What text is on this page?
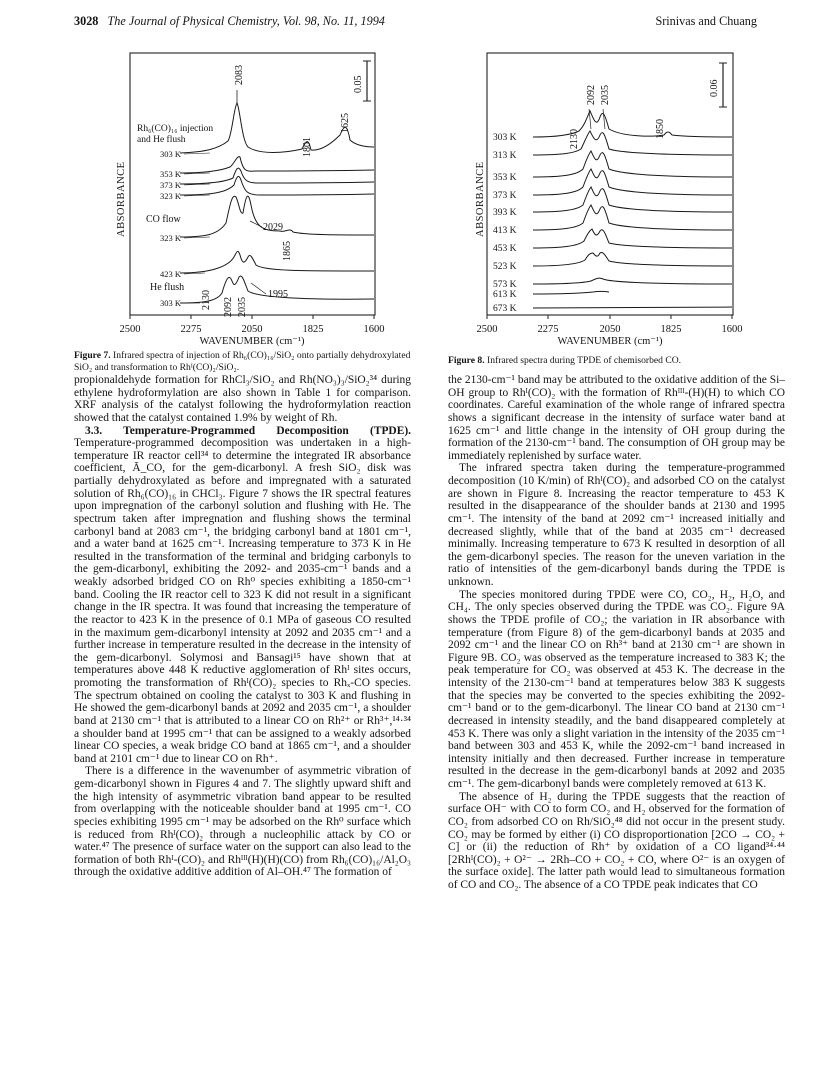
3028 The Journal of Physical Chemistry, Vol. 98, No. 11, 1994	Srinivas and Chuang
ABSORBANCE
2500	2275	2050	1825	1600
WAVENUMBER (cm⁻¹)
0.05
2083
1801
1625
2029
1865
2130 2092 2035
1995
Rh₆(CO)₁₆ injection
and He flush
303 K
353 K
373 K
323 K
CO flow
323 K
423 K
He flush
303 K
Figure 7. Infrared spectra of injection of Rh₆(CO)₁₆/SiO₂ onto partially dehydroxylated SiO₂ and transformation to Rhᴵ(CO)₂/SiO₂.
ABSORBANCE
2500	2275	2050	1825	1600
WAVENUMBER (cm⁻¹)
0.06
2130
2092 2035
1850
303 K
313 K
353 K
373 K
393 K
413 K
453 K
523 K
573 K
613 K
673 K
Figure 8. Infrared spectra during TPDE of chemisorbed CO.

propionaldehyde formation for RhCl₃/SiO₂ and Rh(NO₃)₃/SiO₂³⁴ during ethylene hydroformylation are also shown in Table 1 for comparison. XRF analysis of the catalyst following the hydroformylation reaction showed that the catalyst contained 1.9% by weight of Rh.

3.3. Temperature-Programmed Decomposition (TPDE). Temperature-programmed decomposition was undertaken in a high-temperature IR reactor cell³⁴ to determine the integrated IR absorbance coefficient, Ā_CO, for the gem-dicarbonyl. A fresh SiO₂ disk was partially dehydroxylated as before and impregnated with a saturated solution of Rh₆(CO)₁₆ in CHCl₃. Figure 7 shows the IR spectral features upon impregnation of the carbonyl solution and flushing with He. The spectrum taken after impregnation and flushing shows the terminal carbonyl band at 2083 cm⁻¹, the bridging carbonyl band at 1801 cm⁻¹, and a water band at 1625 cm⁻¹. Increasing temperature to 373 K in He resulted in the transformation of the terminal and bridging carbonyls to the gem-dicarbonyl, exhibiting the 2092- and 2035-cm⁻¹ bands and a weakly adsorbed bridged CO on Rh⁰ species exhibiting a 1850-cm⁻¹ band. Cooling the IR reactor cell to 323 K did not result in a significant change in the IR spectra. It was found that increasing the temperature of the reactor to 423 K in the presence of 0.1 MPa of gaseous CO resulted in the maximum gem-dicarbonyl intensity at 2092 and 2035 cm⁻¹ and a further increase in temperature resulted in the decrease in the intensity of the gem-dicarbonyl. Solymosi and Bansagi¹⁵ have shown that at temperatures above 448 K reductive agglomeration of Rhᴵ sites occurs, promoting the transformation of Rhᴵ(CO)₂ species to Rhₓ-CO species. The spectrum obtained on cooling the catalyst to 303 K and flushing in He showed the gem-dicarbonyl bands at 2092 and 2035 cm⁻¹, a shoulder band at 2130 cm⁻¹ that is attributed to a linear CO on Rh²⁺ or Rh³⁺,¹⁴·³⁴ a shoulder band at 1995 cm⁻¹ that can be assigned to a weakly adsorbed linear CO species, a weak bridge CO band at 1865 cm⁻¹, and a shoulder band at 2101 cm⁻¹ due to linear CO on Rh⁺.

There is a difference in the wavenumber of asymmetric vibration of gem-dicarbonyl shown in Figures 4 and 7. The slightly upward shift and the high intensity of asymmetric vibration band appear to be resulted from overlapping with the noticeable shoulder band at 1995 cm⁻¹. CO species exhibiting 1995 cm⁻¹ may be adsorbed on the Rh⁰ surface which is reduced from Rhᴵ(CO)₂ through a nucleophilic attack by CO or water.⁴⁷ The presence of surface water on the support can also lead to the formation of both Rhᴵ-(CO)₂ and Rhᴵᴵᴵ(H)(H)(CO) from Rh₆(CO)₁₆/Al₂O₃ through the oxidative additive addition of Al–OH.⁴⁷ The formation of

the 2130-cm⁻¹ band may be attributed to the oxidative addition of the Si–OH group to Rhᴵ(CO)₂ with the formation of Rhᴵᴵᴵ-(H)(H) to which CO coordinates. Careful examination of the whole range of infrared spectra shows a significant decrease in the intensity of surface water band at 1625 cm⁻¹ and little change in the intensity of OH group during the formation of the 2130-cm⁻¹ band. The consumption of OH group may be immediately replenished by surface water.

The infrared spectra taken during the temperature-programmed decomposition (10 K/min) of Rhᴵ(CO)₂ and adsorbed CO on the catalyst are shown in Figure 8. Increasing the reactor temperature to 453 K resulted in the disappearance of the shoulder bands at 2130 and 1995 cm⁻¹. The intensity of the band at 2092 cm⁻¹ increased initially and decreased slightly, while that of the band at 2035 cm⁻¹ decreased minimally. Increasing temperature to 673 K resulted in desorption of all the gem-dicarbonyl species. The reason for the uneven variation in the ratio of intensities of the gem-dicarbonyl bands during the TPDE is unknown.

The species monitored during TPDE were CO, CO₂, H₂, H₂O, and CH₄. The only species observed during the TPDE was CO₂. Figure 9A shows the TPDE profile of CO₂; the variation in IR absorbance with temperature (from Figure 8) of the gem-dicarbonyl bands at 2035 and 2092 cm⁻¹ and the linear CO on Rh³⁺ band at 2130 cm⁻¹ are shown in Figure 9B. CO₂ was observed as the temperature increased to 383 K; the peak temperature for CO₂ was observed at 453 K. The decrease in the intensity of the 2130-cm⁻¹ band at temperatures below 383 K suggests that the species may be converted to the species exhibiting the 2092-cm⁻¹ band or to the gem-dicarbonyl. The linear CO band at 2130 cm⁻¹ decreased in intensity steadily, and the band disappeared completely at 453 K. There was only a slight variation in the intensity of the 2035 cm⁻¹ band between 303 and 453 K, while the 2092-cm⁻¹ band increased in intensity initially and then decreased. Further increase in temperature resulted in the decrease in the gem-dicarbonyl bands at 2092 and 2035 cm⁻¹. The gem-dicarbonyl bands were completely removed at 613 K.

The absence of H₂ during the TPDE suggests that the reaction of surface OH⁻ with CO to form CO₂ and H₂ observed for the formation of CO₂ from adsorbed CO on Rh/SiO₂⁴⁸ did not occur in the present study. CO₂ may be formed by either (i) CO disproportionation [2CO → CO₂ + C] or (ii) the reduction of Rh⁺ by oxidation of a CO ligand³⁴·⁴⁴ [2Rhᴵ(CO)₂ + O²⁻ → 2Rh–CO + CO₂ + CO, where O²⁻ is an oxygen of the surface oxide]. The latter path would lead to simultaneous formation of CO and CO₂. The absence of a CO TPDE peak indicates that CO
